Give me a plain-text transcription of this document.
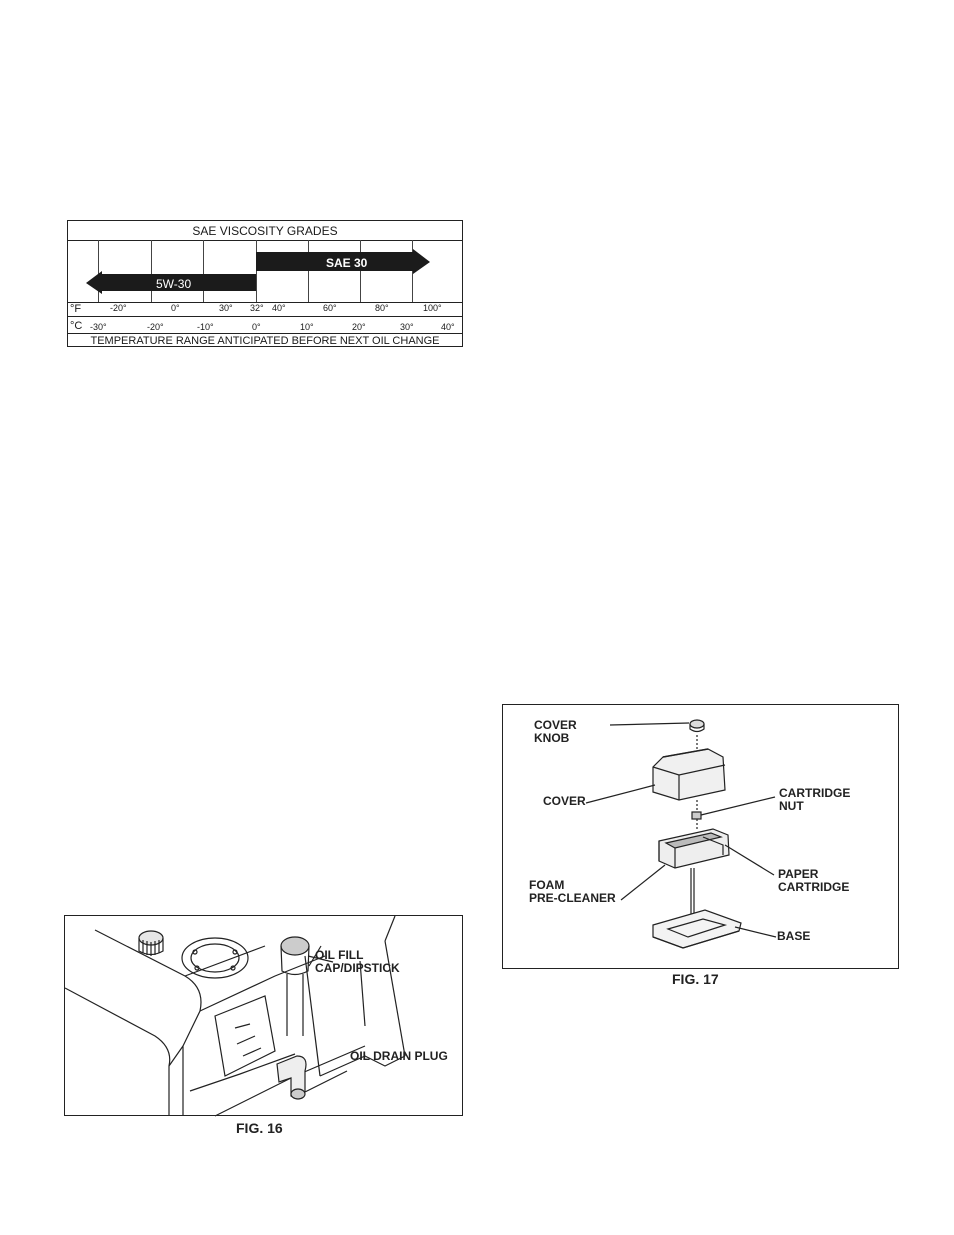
SAE VISCOSITY GRADES
5W-30
SAE 30
°F	-20°	0°	30° 32° 40°	60°	80°	100°
°C -30°	-20°	-10°	0°	10°	20°	30°	40°
TEMPERATURE RANGE ANTICIPATED BEFORE NEXT OIL CHANGE
COVER
KNOB
COVER
CARTRIDGE
NUT
PAPER
CARTRIDGE
FOAM
PRE-CLEANER
BASE
FIG. 17
OIL FILL
CAP/DIPSTICK
OIL DRAIN PLUG
FIG. 16
